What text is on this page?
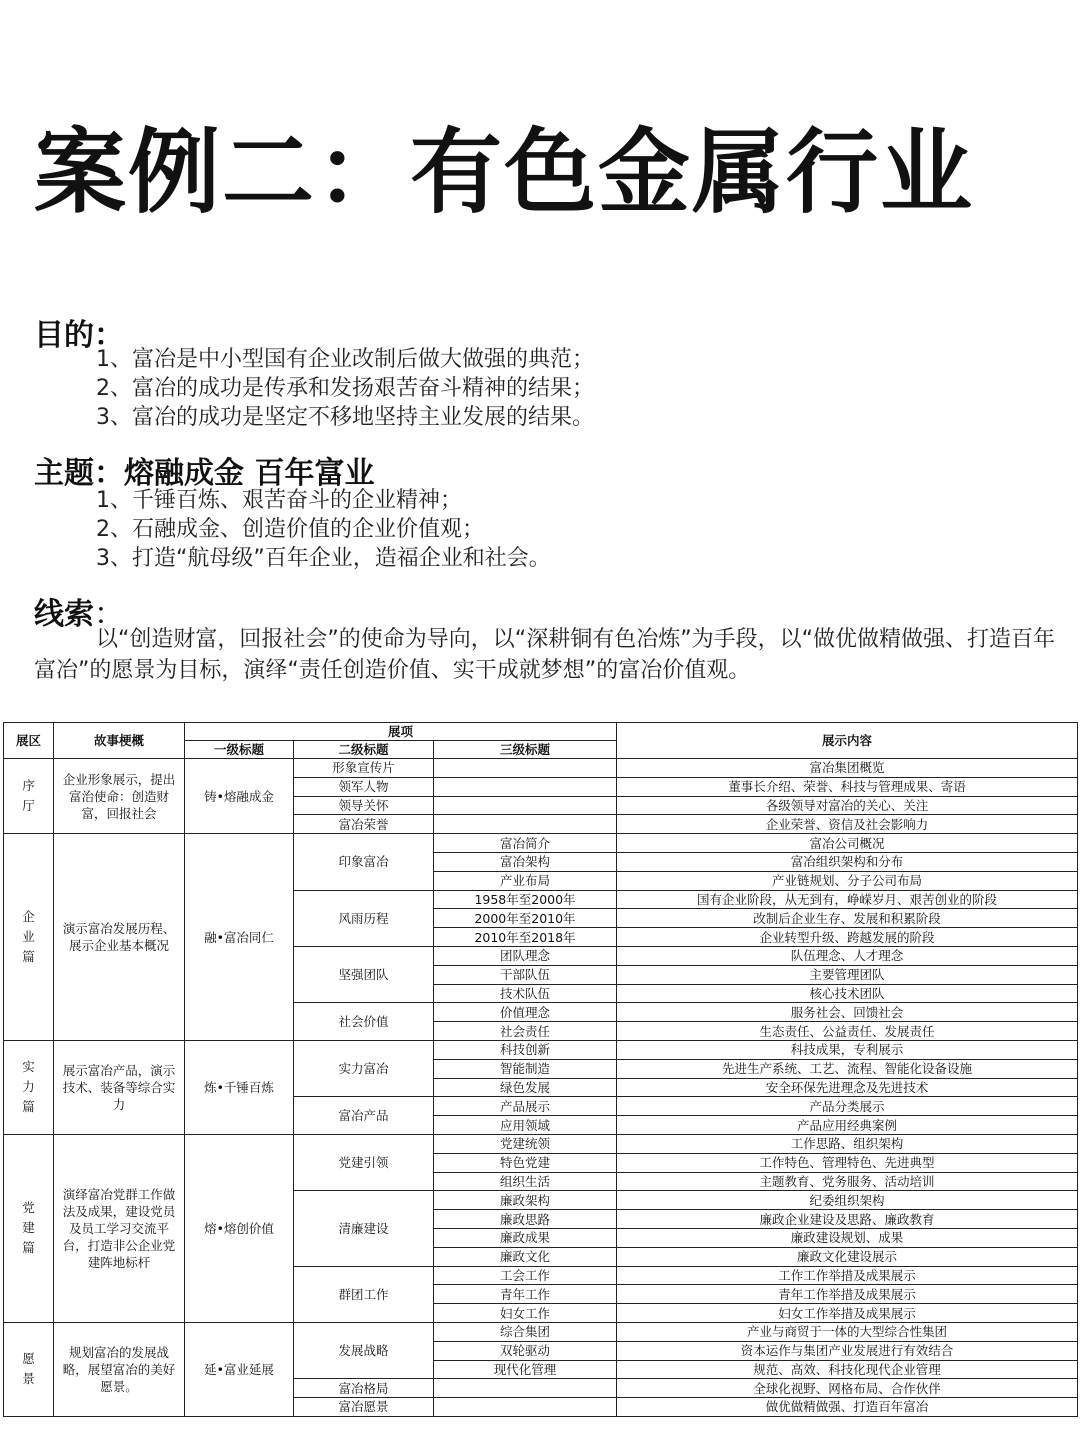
案例二：有色金属行业
目的：
1、富冶是中小型国有企业改制后做大做强的典范；
2、富冶的成功是传承和发扬艰苦奋斗精神的结果；
3、富冶的成功是坚定不移地坚持主业发展的结果。
主题：熔融成金 百年富业
1、千锤百炼、艰苦奋斗的企业精神；
2、石融成金、创造价值的企业价值观；
3、打造“航母级”百年企业，造福企业和社会。
线索：
以“创造财富，回报社会”的使命为导向，以“深耕铜有色冶炼”为手段，以“做优做精做强、打造百年富冶”的愿景为目标，演绎“责任创造价值、实干成就梦想”的富冶价值观。
展区	故事梗概	展项			展示内容
		一级标题	二级标题	三级标题	
序厅	企业形象展示，提出富治使命：创造财富，回报社会	铸•熔融成金	形象宣传片		富冶集团概览
			领军人物		董事长介绍、荣誉、科技与管理成果、寄语
			领导关怀		各级领导对富冶的关心、关注
			富冶荣誉		企业荣誉、资信及社会影响力
企业篇	演示富冶发展历程、展示企业基本概况	融•富冶同仁	印象富冶	富冶简介	富冶公司概况
				富冶架构	富冶组织架构和分布
				产业布局	产业链规划、分子公司布局
			风雨历程	1958年至2000年	国有企业阶段，从无到有，峥嵘岁月、艰苦创业的阶段
				2000年至2010年	改制后企业生存、发展和积累阶段
				2010年至2018年	企业转型升级、跨越发展的阶段
			坚强团队	团队理念	队伍理念、人才理念
				干部队伍	主要管理团队
				技术队伍	核心技术团队
			社会价值	价值理念	服务社会、回馈社会
				社会责任	生态责任、公益责任、发展责任
实力篇	展示富冶产品，演示技术、装备等综合实力	炼•千锤百炼	实力富冶	科技创新	科技成果，专利展示
				智能制造	先进生产系统、工艺、流程、智能化设备设施
				绿色发展	安全环保先进理念及先进技术
			富冶产品	产品展示	产品分类展示
				应用领域	产品应用经典案例
党建篇	演绎富冶党群工作做法及成果，建设党员及员工学习交流平台，打造非公企业党建阵地标杆	熔•熔创价值	党建引领	党建统领	工作思路、组织架构
				特色党建	工作特色、管理特色、先进典型
				组织生活	主题教育、党务服务、活动培训
			清廉建设	廉政架构	纪委组织架构
				廉政思路	廉政企业建设及思路、廉政教育
				廉政成果	廉政建设规划、成果
				廉政文化	廉政文化建设展示
			群团工作	工会工作	工作工作举措及成果展示
				青年工作	青年工作举措及成果展示
				妇女工作	妇女工作举措及成果展示
愿景	规划富冶的发展战略，展望富冶的美好愿景。	延•富业延展	发展战略	综合集团	产业与商贸于一体的大型综合性集团
				双轮驱动	资本运作与集团产业发展进行有效结合
				现代化管理	规范、高效、科技化现代企业管理
			富冶格局		全球化视野、网格布局、合作伙伴
			富冶愿景		做优做精做强、打造百年富冶
